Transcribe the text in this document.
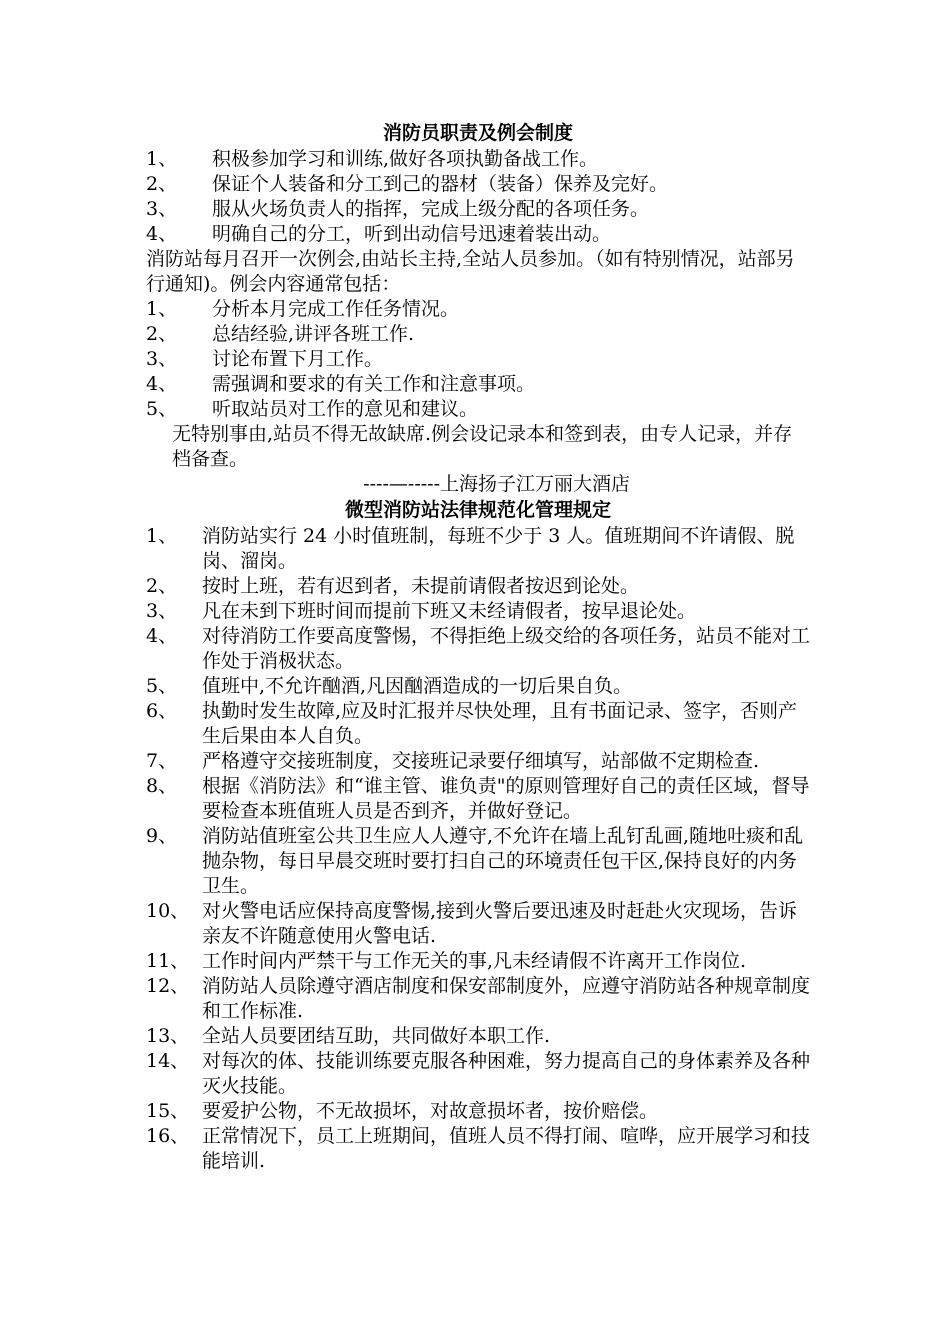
消防员职责及例会制度
1、	积极参加学习和训练,做好各项执勤备战工作。
2、	保证个人装备和分工到己的器材（装备）保养及完好。
3、	服从火场负责人的指挥，完成上级分配的各项任务。
4、	明确自己的分工，听到出动信号迅速着装出动。
消防站每月召开一次例会,由站长主持,全站人员参加。（如有特别情况，站部另行通知)。例会内容通常包括：
1、	分析本月完成工作任务情况。
2、	总结经验,讲评各班工作.
3、	讨论布置下月工作。
4、	需强调和要求的有关工作和注意事项。
5、	听取站员对工作的意见和建议。
无特别事由,站员不得无故缺席.例会设记录本和签到表，由专人记录，并存档备查。
----—-----上海扬子江万丽大酒店
微型消防站法律规范化管理规定
1、	消防站实行 24 小时值班制，每班不少于 3 人。值班期间不许请假、脱岗、溜岗。
2、	按时上班，若有迟到者，未提前请假者按迟到论处。
3、	凡在未到下班时间而提前下班又未经请假者，按早退论处。
4、	对待消防工作要高度警惕，不得拒绝上级交给的各项任务，站员不能对工作处于消极状态。
5、	值班中,不允许酗酒,凡因酗酒造成的一切后果自负。
6、	执勤时发生故障,应及时汇报并尽快处理，且有书面记录、签字，否则产生后果由本人自负。
7、	严格遵守交接班制度，交接班记录要仔细填写，站部做不定期检查.
8、	根据《消防法》和“谁主管、谁负责"的原则管理好自己的责任区域，督导要检查本班值班人员是否到齐，并做好登记。
9、	消防站值班室公共卫生应人人遵守,不允许在墙上乱钉乱画,随地吐痰和乱抛杂物，每日早晨交班时要打扫自己的环境责任包干区,保持良好的内务卫生。
10、 对火警电话应保持高度警惕,接到火警后要迅速及时赶赴火灾现场，告诉亲友不许随意使用火警电话.
11、 工作时间内严禁干与工作无关的事,凡未经请假不许离开工作岗位.
12、 消防站人员除遵守酒店制度和保安部制度外，应遵守消防站各种规章制度和工作标准.
13、 全站人员要团结互助，共同做好本职工作.
14、 对每次的体、技能训练要克服各种困难，努力提高自己的身体素养及各种灭火技能。
15、 要爱护公物，不无故损坏，对故意损坏者，按价赔偿。
16、 正常情况下，员工上班期间，值班人员不得打闹、喧哗，应开展学习和技能培训.
